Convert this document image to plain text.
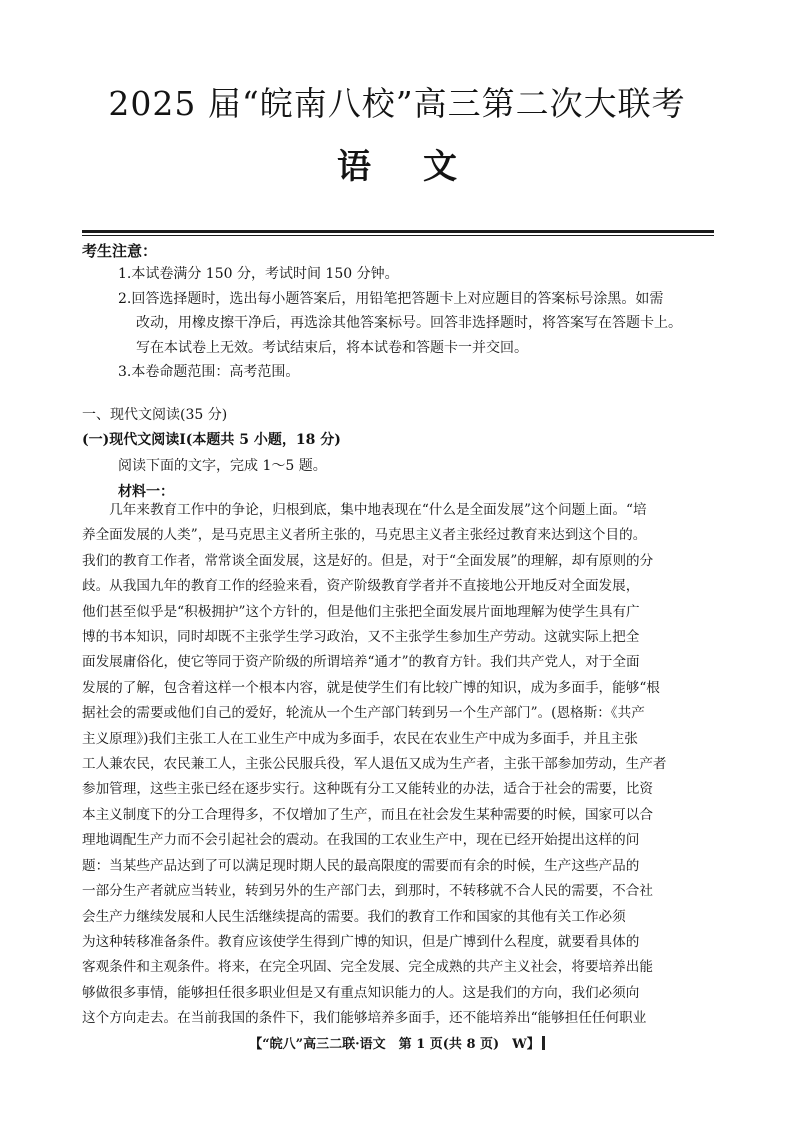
2025 届“皖南八校”高三第二次大联考
语文
考生注意：

1.本试卷满分 150 分，考试时间 150 分钟。

2.回答选择题时，选出每小题答案后，用铅笔把答题卡上对应题目的答案标号涂黑。如需

改动，用橡皮擦干净后，再选涂其他答案标号。回答非选择题时，将答案写在答题卡上。

写在本试卷上无效。考试结束后，将本试卷和答题卡一并交回。

3.本卷命题范围：高考范围。

一、现代文阅读(35 分)
(一)现代文阅读Ⅰ(本题共 5 小题，18 分)
阅读下面的文字，完成 1～5 题。
材料一：
　　几年来教育工作中的争论，归根到底，集中地表现在“什么是全面发展”这个问题上面。“培
养全面发展的人类”，是马克思主义者所主张的，马克思主义者主张经过教育来达到这个目的。
我们的教育工作者，常常谈全面发展，这是好的。但是，对于“全面发展”的理解，却有原则的分
歧。从我国九年的教育工作的经验来看，资产阶级教育学者并不直接地公开地反对全面发展，
他们甚至似乎是“积极拥护”这个方针的，但是他们主张把全面发展片面地理解为使学生具有广
博的书本知识，同时却既不主张学生学习政治，又不主张学生参加生产劳动。这就实际上把全
面发展庸俗化，使它等同于资产阶级的所谓培养“通才”的教育方针。我们共产党人，对于全面
发展的了解，包含着这样一个根本内容，就是使学生们有比较广博的知识，成为多面手，能够“根
据社会的需要或他们自己的爱好，轮流从一个生产部门转到另一个生产部门”。(恩格斯：《共产
主义原理》)我们主张工人在工业生产中成为多面手，农民在农业生产中成为多面手，并且主张
工人兼农民，农民兼工人，主张公民服兵役，军人退伍又成为生产者，主张干部参加劳动，生产者
参加管理，这些主张已经在逐步实行。这种既有分工又能转业的办法，适合于社会的需要，比资
本主义制度下的分工合理得多，不仅增加了生产，而且在社会发生某种需要的时候，国家可以合
理地调配生产力而不会引起社会的震动。在我国的工农业生产中，现在已经开始提出这样的问
题：当某些产品达到了可以满足现时期人民的最高限度的需要而有余的时候，生产这些产品的
一部分生产者就应当转业，转到另外的生产部门去，到那时，不转移就不合人民的需要，不合社
会生产力继续发展和人民生活继续提高的需要。我们的教育工作和国家的其他有关工作必须
为这种转移准备条件。教育应该使学生得到广博的知识，但是广博到什么程度，就要看具体的
客观条件和主观条件。将来，在完全巩固、完全发展、完全成熟的共产主义社会，将要培养出能
够做很多事情，能够担任很多职业但是又有重点知识能力的人。这是我们的方向，我们必须向
这个方向走去。在当前我国的条件下，我们能够培养多面手，还不能培养出“能够担任任何职业
【“皖八”高三二联·语文　第 1 页(共 8 页)　W】
